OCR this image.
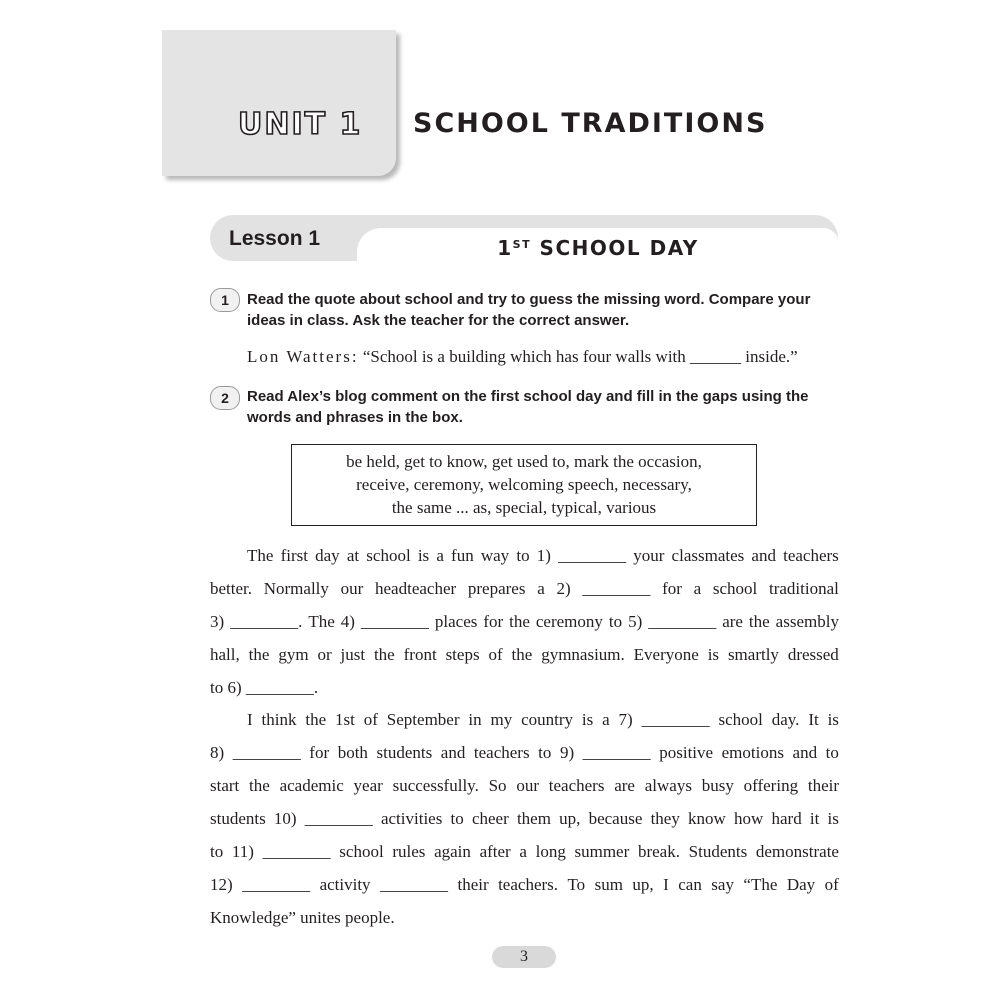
UNIT 1 SCHOOL TRADITIONS
Lesson 1	1ST SCHOOL DAY
1	Read the quote about school and try to guess the missing word. Compare your ideas in class. Ask the teacher for the correct answer.
Lon Watters: “School is a building which has four walls with ______ inside.”
2	Read Alex’s blog comment on the first school day and fill in the gaps using the words and phrases in the box.
be held, get to know, get used to, mark the occasion,
receive, ceremony, welcoming speech, necessary,
the same ... as, special, typical, various
The first day at school is a fun way to 1) ________ your classmates and teachers
better. Normally our headteacher prepares a 2) ________ for a school traditional
3) ________. The 4) ________ places for the ceremony to 5) ________ are the assembly
hall, the gym or just the front steps of the gymnasium. Everyone is smartly dressed
to 6) ________.
I think the 1st of September in my country is a 7) ________ school day. It is
8) ________ for both students and teachers to 9) ________ positive emotions and to
start the academic year successfully. So our teachers are always busy offering their
students 10) ________ activities to cheer them up, because they know how hard it is
to 11) ________ school rules again after a long summer break. Students demonstrate
12) ________ activity ________ their teachers. To sum up, I can say “The Day of
Knowledge” unites people.
3
